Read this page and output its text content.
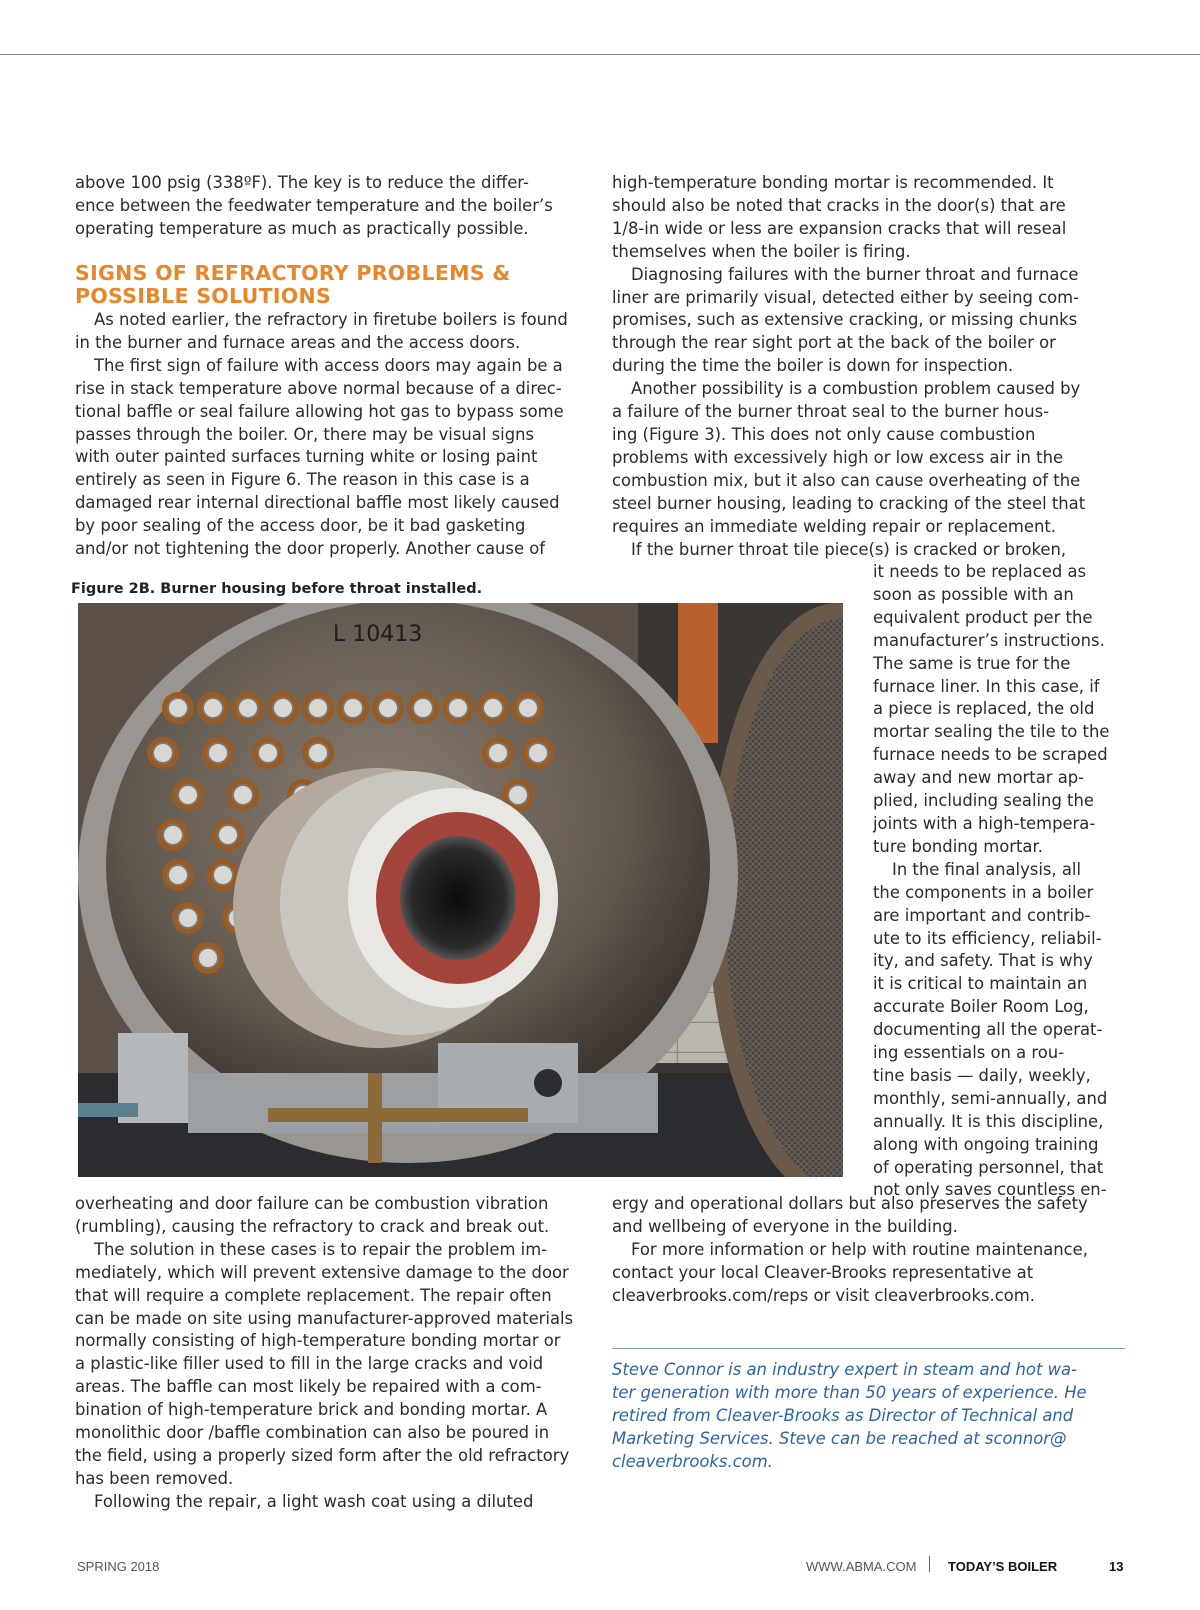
above 100 psig (338ºF). The key is to reduce the differ-

ence between the feedwater temperature and the boiler’s

operating temperature as much as practically possible.

SIGNS OF REFRACTORY PROBLEMS &
POSSIBLE SOLUTIONS

As noted earlier, the refractory in firetube boilers is found

in the burner and furnace areas and the access doors.

The first sign of failure with access doors may again be a

rise in stack temperature above normal because of a direc-

tional baffle or seal failure allowing hot gas to bypass some

passes through the boiler. Or, there may be visual signs

with outer painted surfaces turning white or losing paint

entirely as seen in Figure 6. The reason in this case is a

damaged rear internal directional baffle most likely caused

by poor sealing of the access door, be it bad gasketing

and/or not tightening the door properly. Another cause of

Figure 2B. Burner housing before throat installed.
L 10413

overheating and door failure can be combustion vibration

(rumbling), causing the refractory to crack and break out.

The solution in these cases is to repair the problem im-

mediately, which will prevent extensive damage to the door

that will require a complete replacement. The repair often

can be made on site using manufacturer-approved materials

normally consisting of high-temperature bonding mortar or

a plastic-like filler used to fill in the large cracks and void

areas. The baffle can most likely be repaired with a com-

bination of high-temperature brick and bonding mortar. A

monolithic door /baffle combination can also be poured in

the field, using a properly sized form after the old refractory

has been removed.

Following the repair, a light wash coat using a diluted

high-temperature bonding mortar is recommended. It

should also be noted that cracks in the door(s) that are

1/8-in wide or less are expansion cracks that will reseal

themselves when the boiler is firing.

Diagnosing failures with the burner throat and furnace

liner are primarily visual, detected either by seeing com-

promises, such as extensive cracking, or missing chunks

through the rear sight port at the back of the boiler or

during the time the boiler is down for inspection.

Another possibility is a combustion problem caused by

a failure of the burner throat seal to the burner hous-

ing (Figure 3). This does not only cause combustion

problems with excessively high or low excess air in the

combustion mix, but it also can cause overheating of the

steel burner housing, leading to cracking of the steel that

requires an immediate welding repair or replacement.

If the burner throat tile piece(s) is cracked or broken,

it needs to be replaced as

soon as possible with an

equivalent product per the

manufacturer’s instructions.

The same is true for the

furnace liner. In this case, if

a piece is replaced, the old

mortar sealing the tile to the

furnace needs to be scraped

away and new mortar ap-

plied, including sealing the

joints with a high-tempera-

ture bonding mortar.

In the final analysis, all

the components in a boiler

are important and contrib-

ute to its efficiency, reliabil-

ity, and safety. That is why

it is critical to maintain an

accurate Boiler Room Log,

documenting all the operat-

ing essentials on a rou-

tine basis — daily, weekly,

monthly, semi-annually, and

annually. It is this discipline,

along with ongoing training

of operating personnel, that

not only saves countless en-

ergy and operational dollars but also preserves the safety

and wellbeing of everyone in the building.

For more information or help with routine maintenance,

contact your local Cleaver-Brooks representative at

cleaverbrooks.com/reps or visit cleaverbrooks.com.

Steve Connor is an industry expert in steam and hot wa-

ter generation with more than 50 years of experience. He

retired from Cleaver-Brooks as Director of Technical and

Marketing Services. Steve can be reached at sconnor@

cleaverbrooks.com.

SPRING 2018	WWW.ABMA.COM TODAY’S BOILER	13
